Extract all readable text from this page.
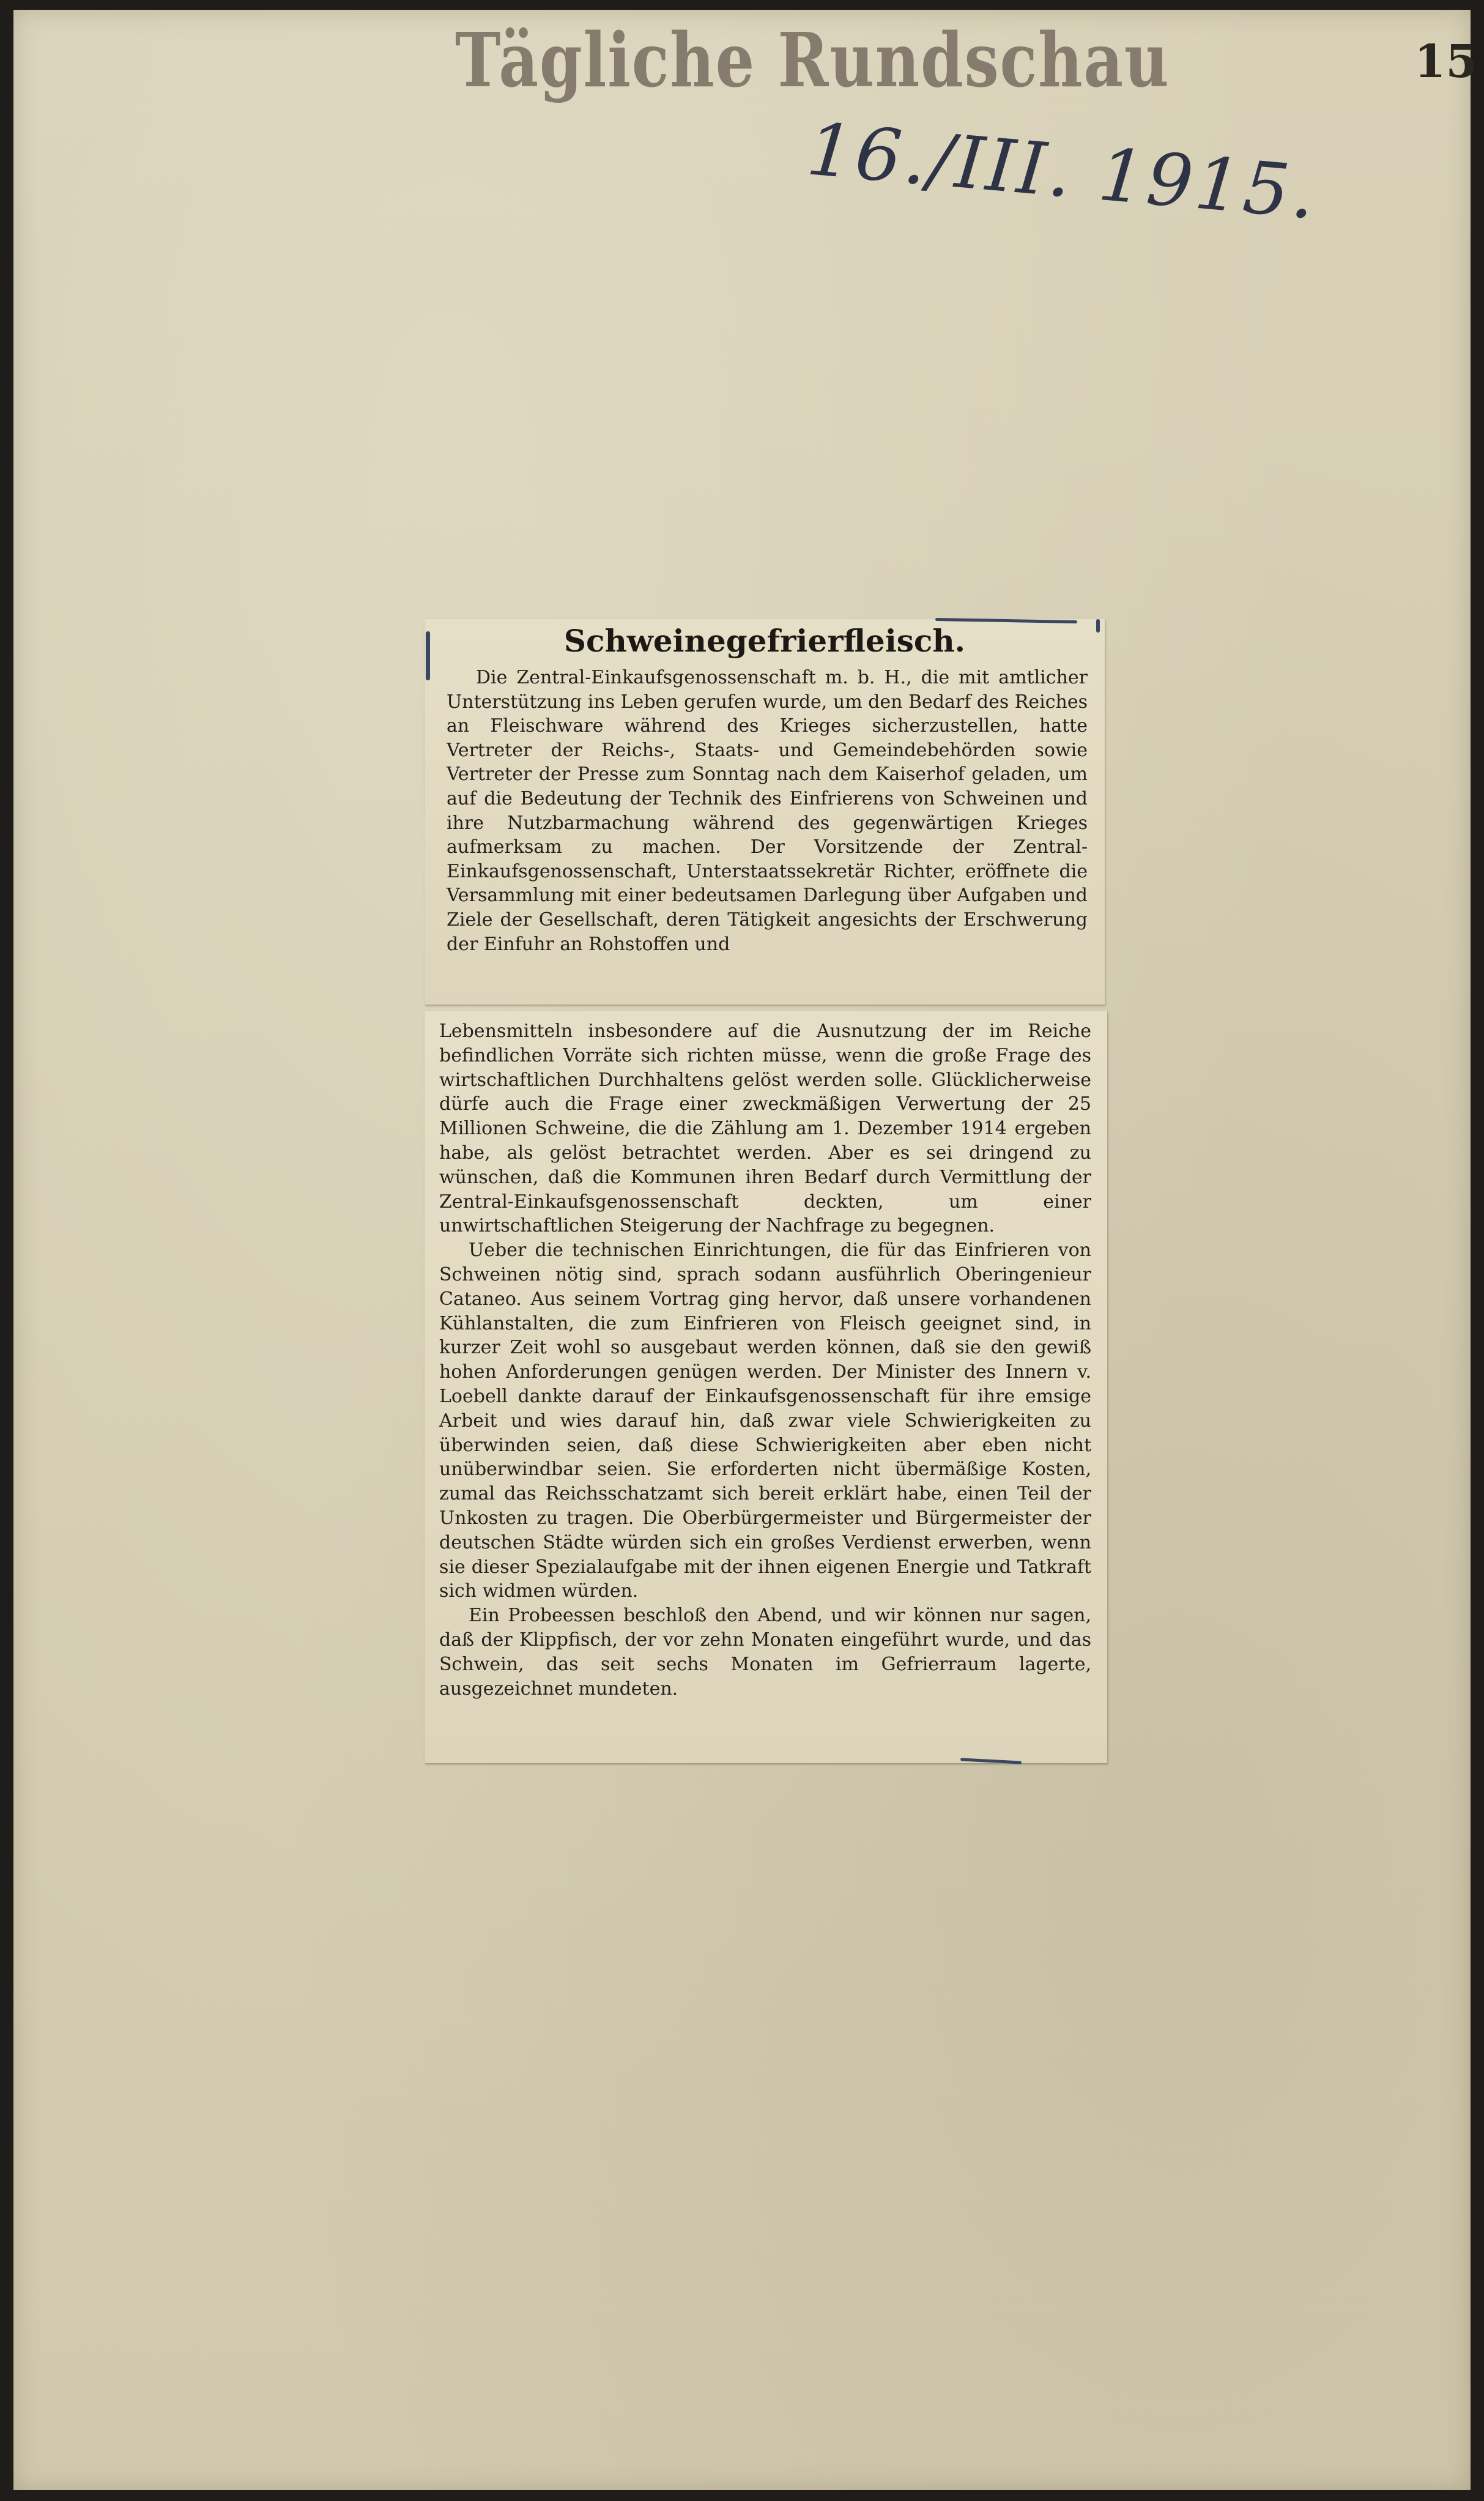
Tägliche Rundschau	15
16./III. 1915.
Schweinegefrierfleisch.

Die Zentral-Einkaufsgenossenschaft m. b. H., die mit amtlicher Unterstützung ins Leben gerufen wurde, um den Bedarf des Reiches an Fleischware während des Krieges sicherzustellen, hatte Vertreter der Reichs-, Staats- und Gemeindebehörden sowie Vertreter der Presse zum Sonntag nach dem Kaiserhof geladen, um auf die Bedeutung der Technik des Einfrierens von Schweinen und ihre Nutzbarmachung während des gegenwärtigen Krieges aufmerksam zu machen. Der Vorsitzende der Zentral-Einkaufsgenossenschaft, Unterstaatssekretär Richter, eröffnete die Versammlung mit einer bedeutsamen Darlegung über Aufgaben und Ziele der Gesellschaft, deren Tätigkeit angesichts der Erschwerung der Einfuhr an Rohstoffen und

Lebensmitteln insbesondere auf die Ausnutzung der im Reiche befindlichen Vorräte sich richten müsse, wenn die große Frage des wirtschaftlichen Durchhaltens gelöst werden solle. Glücklicherweise dürfe auch die Frage einer zweckmäßigen Verwertung der 25 Millionen Schweine, die die Zählung am 1. Dezember 1914 ergeben habe, als gelöst betrachtet werden. Aber es sei dringend zu wünschen, daß die Kommunen ihren Bedarf durch Vermittlung der Zentral-Einkaufsgenossenschaft deckten, um einer unwirtschaftlichen Steigerung der Nachfrage zu begegnen.

Ueber die technischen Einrichtungen, die für das Einfrieren von Schweinen nötig sind, sprach sodann ausführlich Oberingenieur Cataneo. Aus seinem Vortrag ging hervor, daß unsere vorhandenen Kühlanstalten, die zum Einfrieren von Fleisch geeignet sind, in kurzer Zeit wohl so ausgebaut werden können, daß sie den gewiß hohen Anforderungen genügen werden. Der Minister des Innern v. Loebell dankte darauf der Einkaufsgenossenschaft für ihre emsige Arbeit und wies darauf hin, daß zwar viele Schwierigkeiten zu überwinden seien, daß diese Schwierigkeiten aber eben nicht unüberwindbar seien. Sie erforderten nicht übermäßige Kosten, zumal das Reichsschatzamt sich bereit erklärt habe, einen Teil der Unkosten zu tragen. Die Oberbürgermeister und Bürgermeister der deutschen Städte würden sich ein großes Verdienst erwerben, wenn sie dieser Spezialaufgabe mit der ihnen eigenen Energie und Tatkraft sich widmen würden.

Ein Probeessen beschloß den Abend, und wir können nur sagen, daß der Klippfisch, der vor zehn Monaten eingeführt wurde, und das Schwein, das seit sechs Monaten im Gefrierraum lagerte, ausgezeichnet mundeten.
